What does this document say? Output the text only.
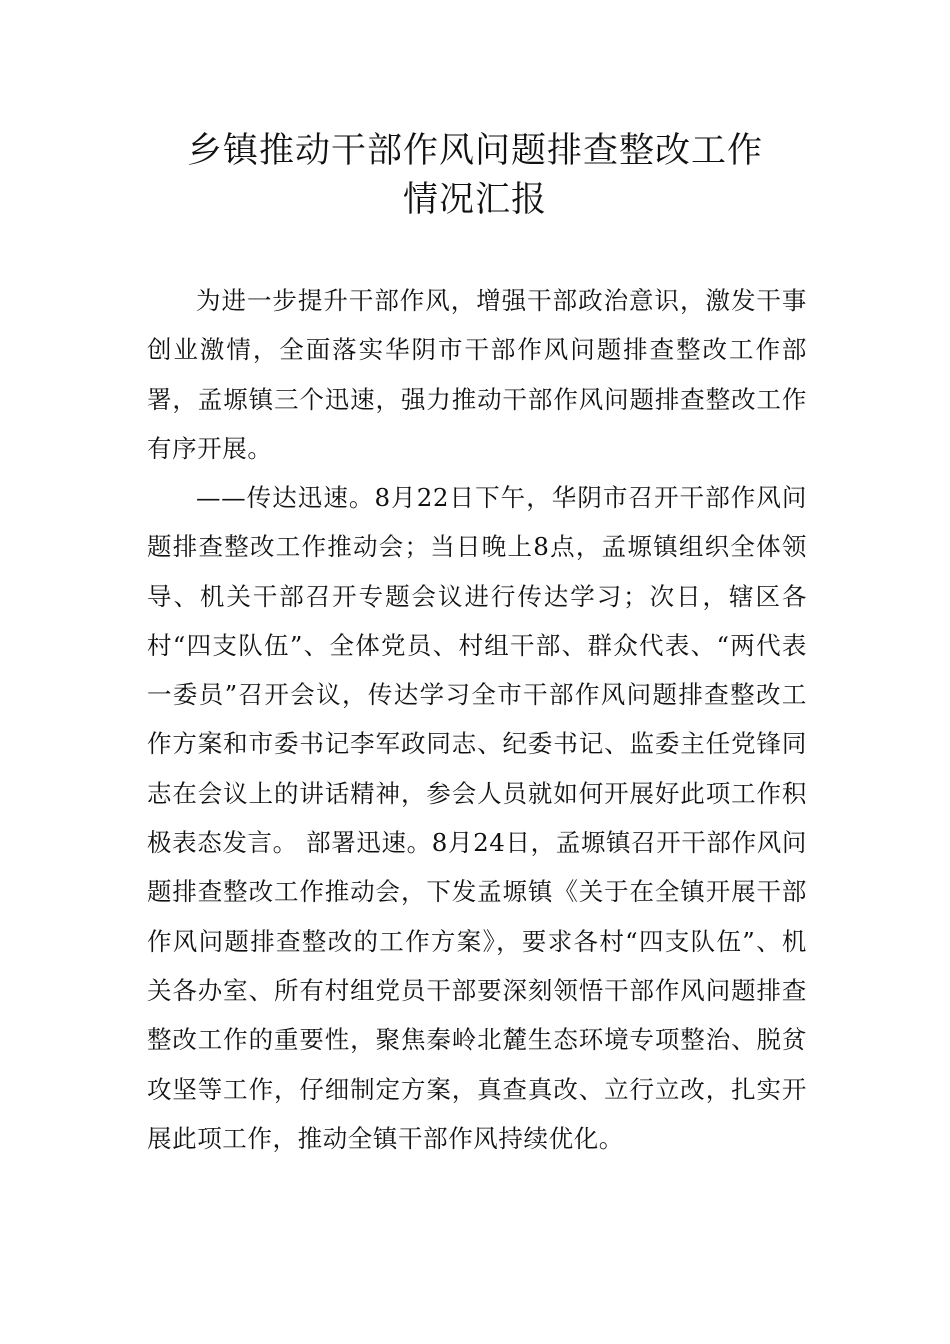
乡镇推动干部作风问题排查整改工作
情况汇报

为进一步提升干部作风，增强干部政治意识，激发干事创业激情，全面落实华阴市干部作风问题排查整改工作部署，孟塬镇三个迅速，强力推动干部作风问题排查整改工作有序开展。

——传达迅速。8月22日下午，华阴市召开干部作风问题排查整改工作推动会；当日晚上8点，孟塬镇组织全体领导、机关干部召开专题会议进行传达学习；次日，辖区各村“四支队伍”、全体党员、村组干部、群众代表、“两代表一委员”召开会议，传达学习全市干部作风问题排查整改工作方案和市委书记李军政同志、纪委书记、监委主任党锋同志在会议上的讲话精神，参会人员就如何开展好此项工作积极表态发言。 部署迅速。8月24日，孟塬镇召开干部作风问题排查整改工作推动会，下发孟塬镇《关于在全镇开展干部作风问题排查整改的工作方案》，要求各村“四支队伍”、机关各办室、所有村组党员干部要深刻领悟干部作风问题排查整改工作的重要性，聚焦秦岭北麓生态环境专项整治、脱贫攻坚等工作，仔细制定方案，真查真改、立行立改，扎实开展此项工作，推动全镇干部作风持续优化。
